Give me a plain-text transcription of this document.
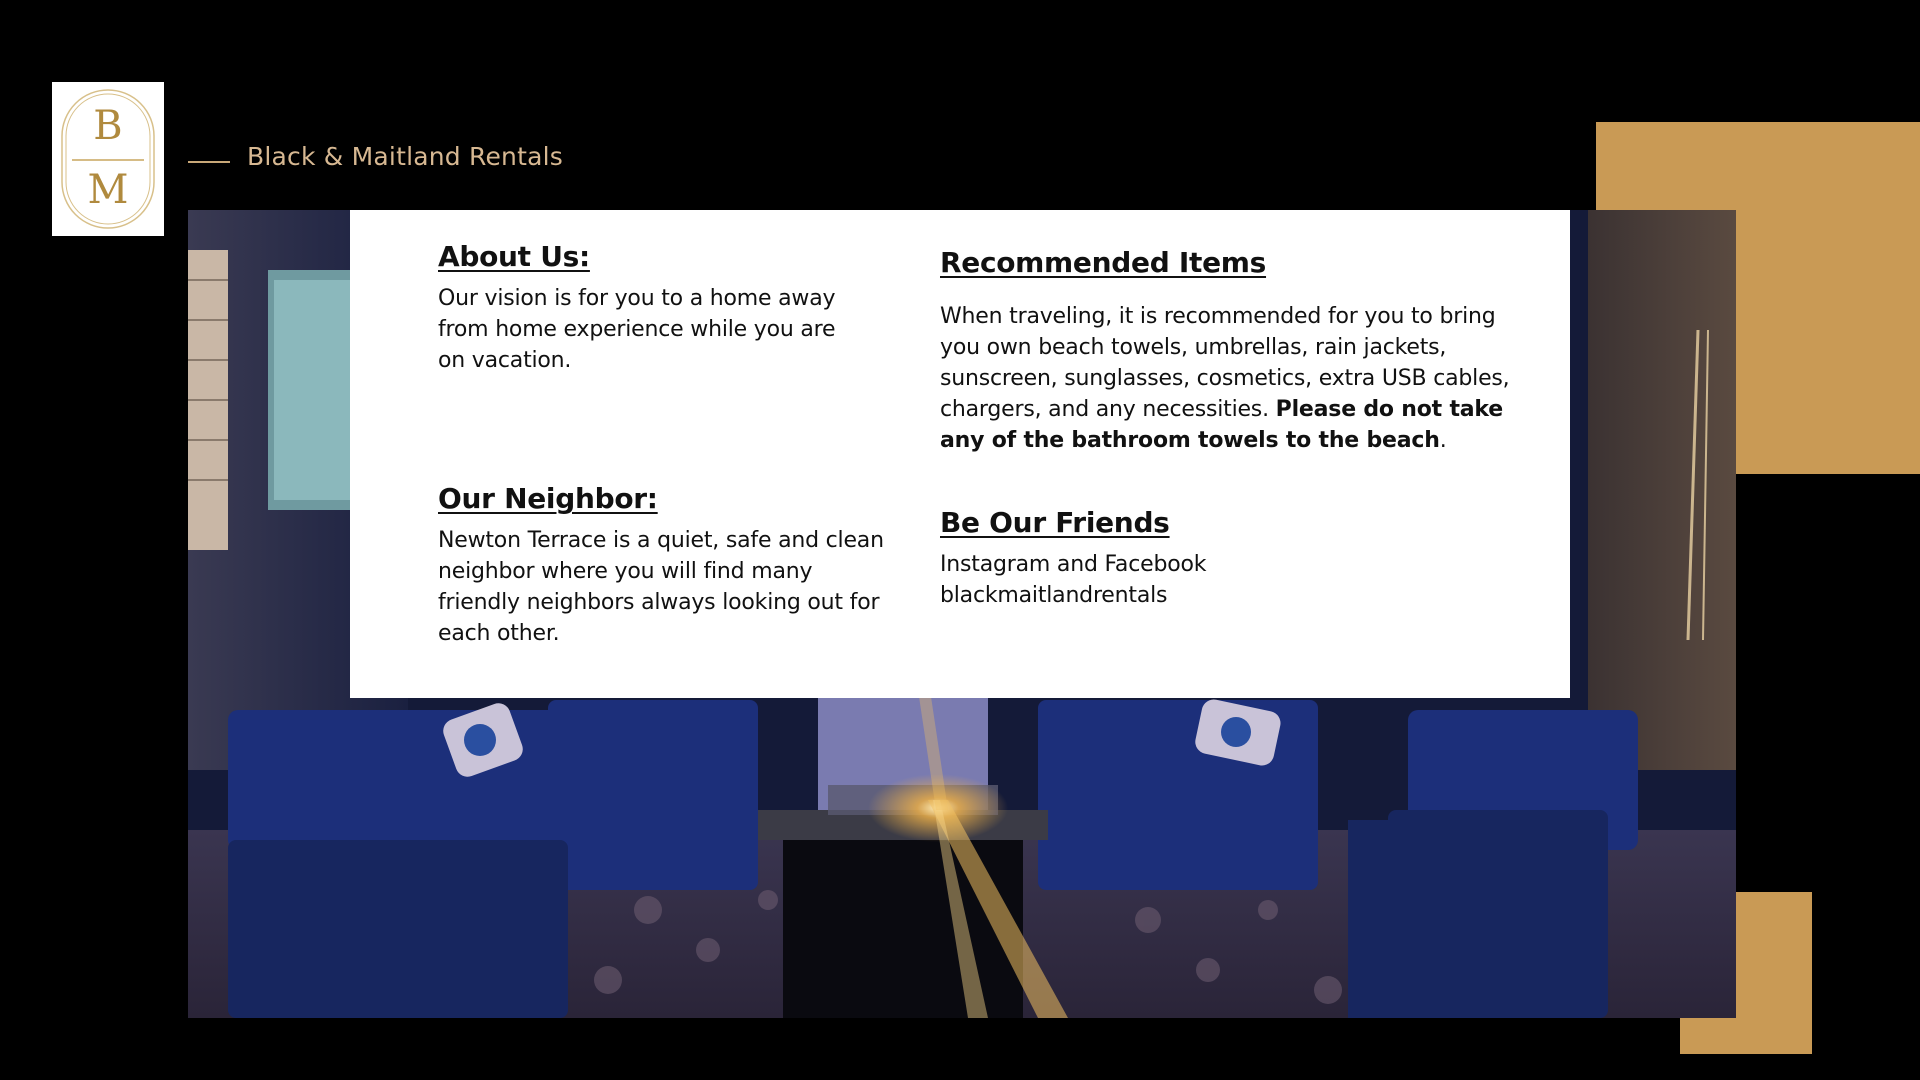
B
M
Black & Maitland Rentals
About Us:

Our vision is for you to a home away from home experience while you are on vacation.

Our Neighbor:

Newton Terrace is a quiet, safe and clean neighbor where you will find many friendly neighbors always looking out for each other.

Recommended Items

When traveling, it is recommended for you to bring you own beach towels, umbrellas, rain jackets, sunscreen, sunglasses, cosmetics, extra USB cables, chargers, and any necessities. Please do not take any of the bathroom towels to the beach.

Be Our Friends

Instagram and Facebook

blackmaitlandrentals
